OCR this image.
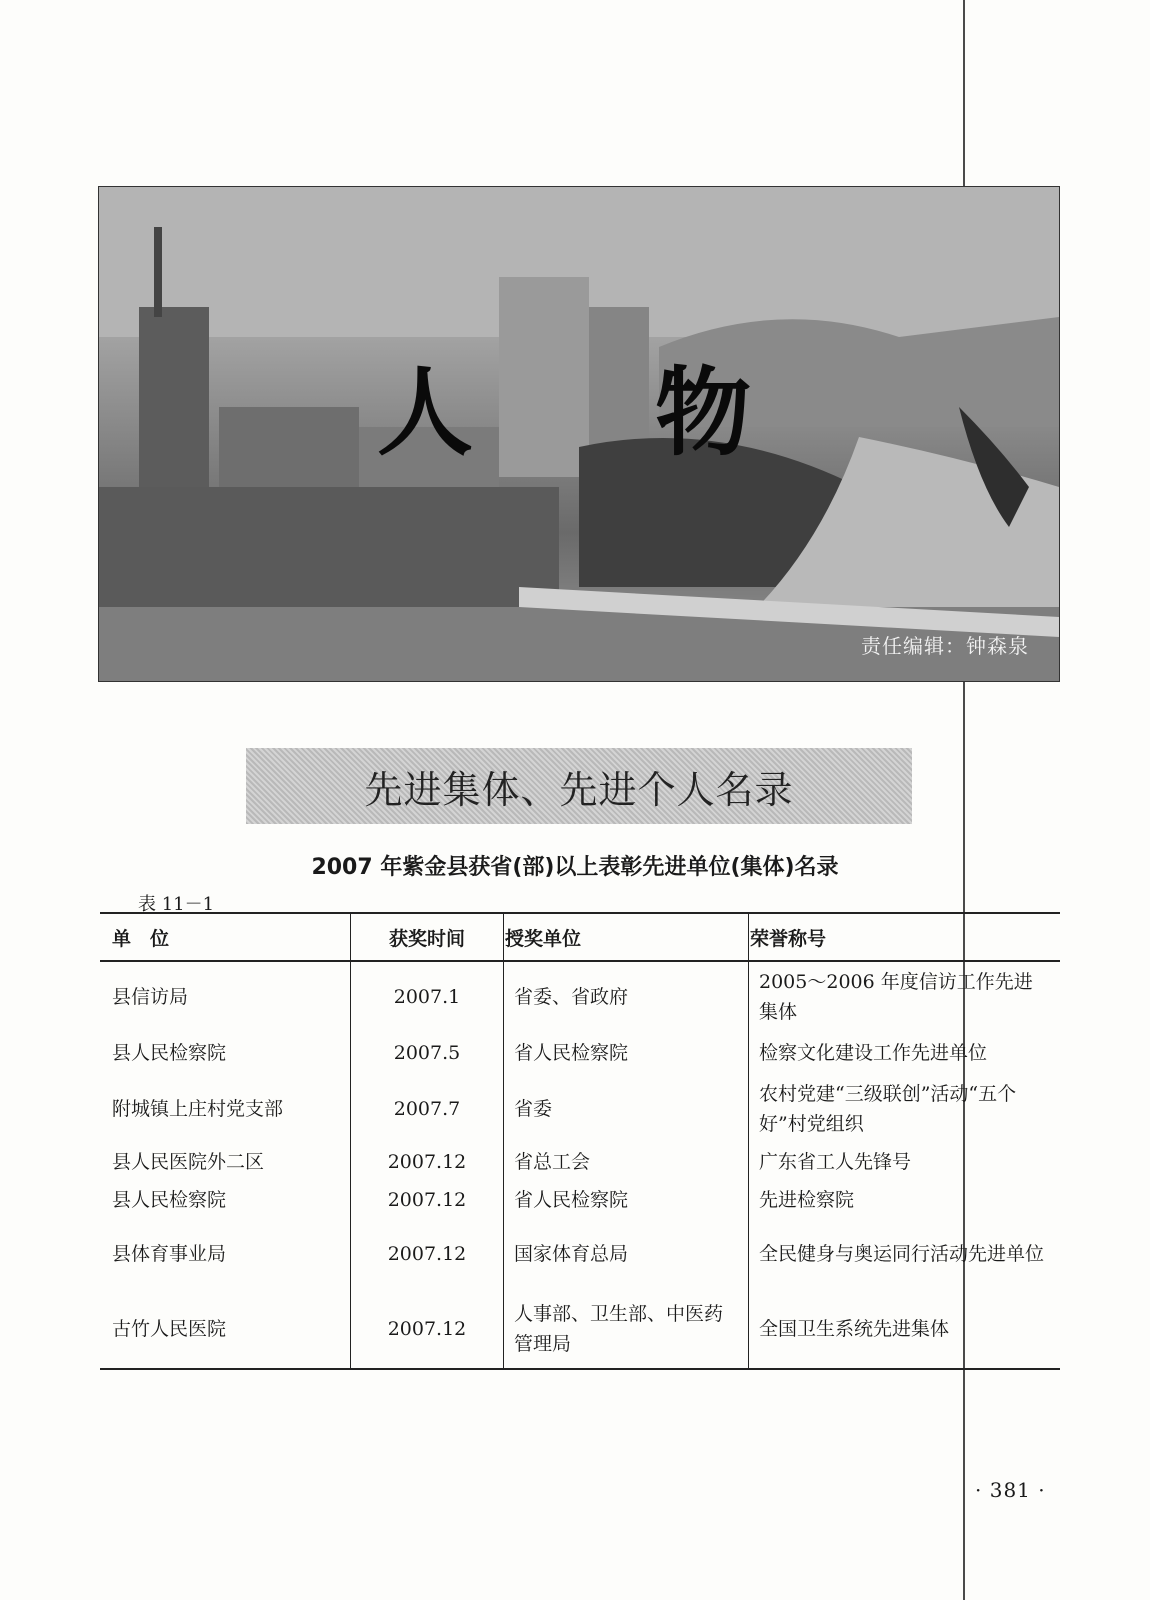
人 物
责任编辑：钟森泉
先进集体、先进个人名录
2007 年紫金县获省(部)以上表彰先进单位(集体)名录
表 11－1
单　位	获奖时间	授奖单位	荣誉称号
县信访局	2007.1	省委、省政府	2005～2006 年度信访工作先进集体
县人民检察院	2007.5	省人民检察院	检察文化建设工作先进单位
附城镇上庄村党支部	2007.7	省委	农村党建“三级联创”活动“五个好”村党组织
县人民医院外二区	2007.12	省总工会	广东省工人先锋号
县人民检察院	2007.12	省人民检察院	先进检察院
县体育事业局	2007.12	国家体育总局	全民健身与奥运同行活动先进单位
古竹人民医院	2007.12	人事部、卫生部、中医药管理局	全国卫生系统先进集体
· 381 ·
